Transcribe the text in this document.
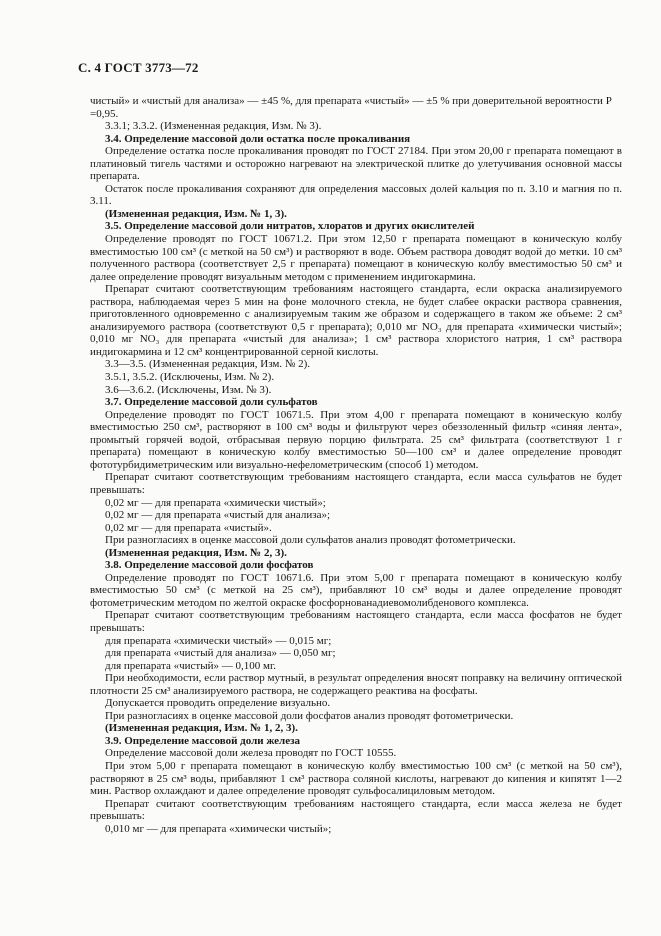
С. 4 ГОСТ 3773—72

чистый» и «чистый для анализа» — ±45 %, для препарата «чистый» — ±5 % при доверительной вероятности P =0,95.

3.3.1; 3.3.2. (Измененная редакция, Изм. № 3).

3.4. Определение массовой доли остатка после прокаливания

Определение остатка после прокаливания проводят по ГОСТ 27184. При этом 20,00 г препарата помещают в платиновый тигель частями и осторожно нагревают на электрической плитке до улетучивания основной массы препарата.

Остаток после прокаливания сохраняют для определения массовых долей кальция по п. 3.10 и магния по п. 3.11.

(Измененная редакция, Изм. № 1, 3).

3.5. Определение массовой доли нитратов, хлоратов и других окислителей

Определение проводят по ГОСТ 10671.2. При этом 12,50 г препарата помещают в коническую колбу вместимостью 100 см³ (с меткой на 50 см³) и растворяют в воде. Объем раствора доводят водой до метки. 10 см³ полученного раствора (соответствует 2,5 г препарата) помещают в коническую колбу вместимостью 50 см³ и далее определение проводят визуальным методом с применением индигокармина.

Препарат считают соответствующим требованиям настоящего стандарта, если окраска анализируемого раствора, наблюдаемая через 5 мин на фоне молочного стекла, не будет слабее окраски раствора сравнения, приготовленного одновременно с анализируемым таким же образом и содержащего в таком же объеме: 2 см³ анализируемого раствора (соответствуют 0,5 г препарата); 0,010 мг NO₃ для препарата «химически чистый»; 0,010 мг NO₃ для препарата «чистый для анализа»; 1 см³ раствора хлористого натрия, 1 см³ раствора индигокармина и 12 см³ концентрированной серной кислоты.

3.3—3.5. (Измененная редакция, Изм. № 2).

3.5.1, 3.5.2. (Исключены, Изм. № 2).

3.6—3.6.2. (Исключены, Изм. № 3).

3.7. Определение массовой доли сульфатов

Определение проводят по ГОСТ 10671.5. При этом 4,00 г препарата помещают в коническую колбу вместимостью 250 см³, растворяют в 100 см³ воды и фильтруют через обеззоленный фильтр «синяя лента», промытый горячей водой, отбрасывая первую порцию фильтрата. 25 см³ фильтрата (соответствуют 1 г препарата) помещают в коническую колбу вместимостью 50—100 см³ и далее определение проводят фототурбидиметрическим или визуально-нефелометрическим (способ 1) методом.

Препарат считают соответствующим требованиям настоящего стандарта, если масса сульфатов не будет превышать:

0,02 мг — для препарата «химически чистый»;

0,02 мг — для препарата «чистый для анализа»;

0,02 мг — для препарата «чистый».

При разногласиях в оценке массовой доли сульфатов анализ проводят фотометрически.

(Измененная редакция, Изм. № 2, 3).

3.8. Определение массовой доли фосфатов

Определение проводят по ГОСТ 10671.6. При этом 5,00 г препарата помещают в коническую колбу вместимостью 50 см³ (с меткой на 25 см³), прибавляют 10 см³ воды и далее определение проводят фотометрическим методом по желтой окраске фосфорнованадиевомолибденового комплекса.

Препарат считают соответствующим требованиям настоящего стандарта, если масса фосфатов не будет превышать:

для препарата «химически чистый» — 0,015 мг;

для препарата «чистый для анализа» — 0,050 мг;

для препарата «чистый» — 0,100 мг.

При необходимости, если раствор мутный, в результат определения вносят поправку на величину оптической плотности 25 см³ анализируемого раствора, не содержащего реактива на фосфаты.

Допускается проводить определение визуально.

При разногласиях в оценке массовой доли фосфатов анализ проводят фотометрически.

(Измененная редакция, Изм. № 1, 2, 3).

3.9. Определение массовой доли железа

Определение массовой доли железа проводят по ГОСТ 10555.

При этом 5,00 г препарата помещают в коническую колбу вместимостью 100 см³ (с меткой на 50 см³), растворяют в 25 см³ воды, прибавляют 1 см³ раствора соляной кислоты, нагревают до кипения и кипятят 1—2 мин. Раствор охлаждают и далее определение проводят сульфосалициловым методом.

Препарат считают соответствующим требованиям настоящего стандарта, если масса железа не будет превышать:

0,010 мг — для препарата «химически чистый»;
